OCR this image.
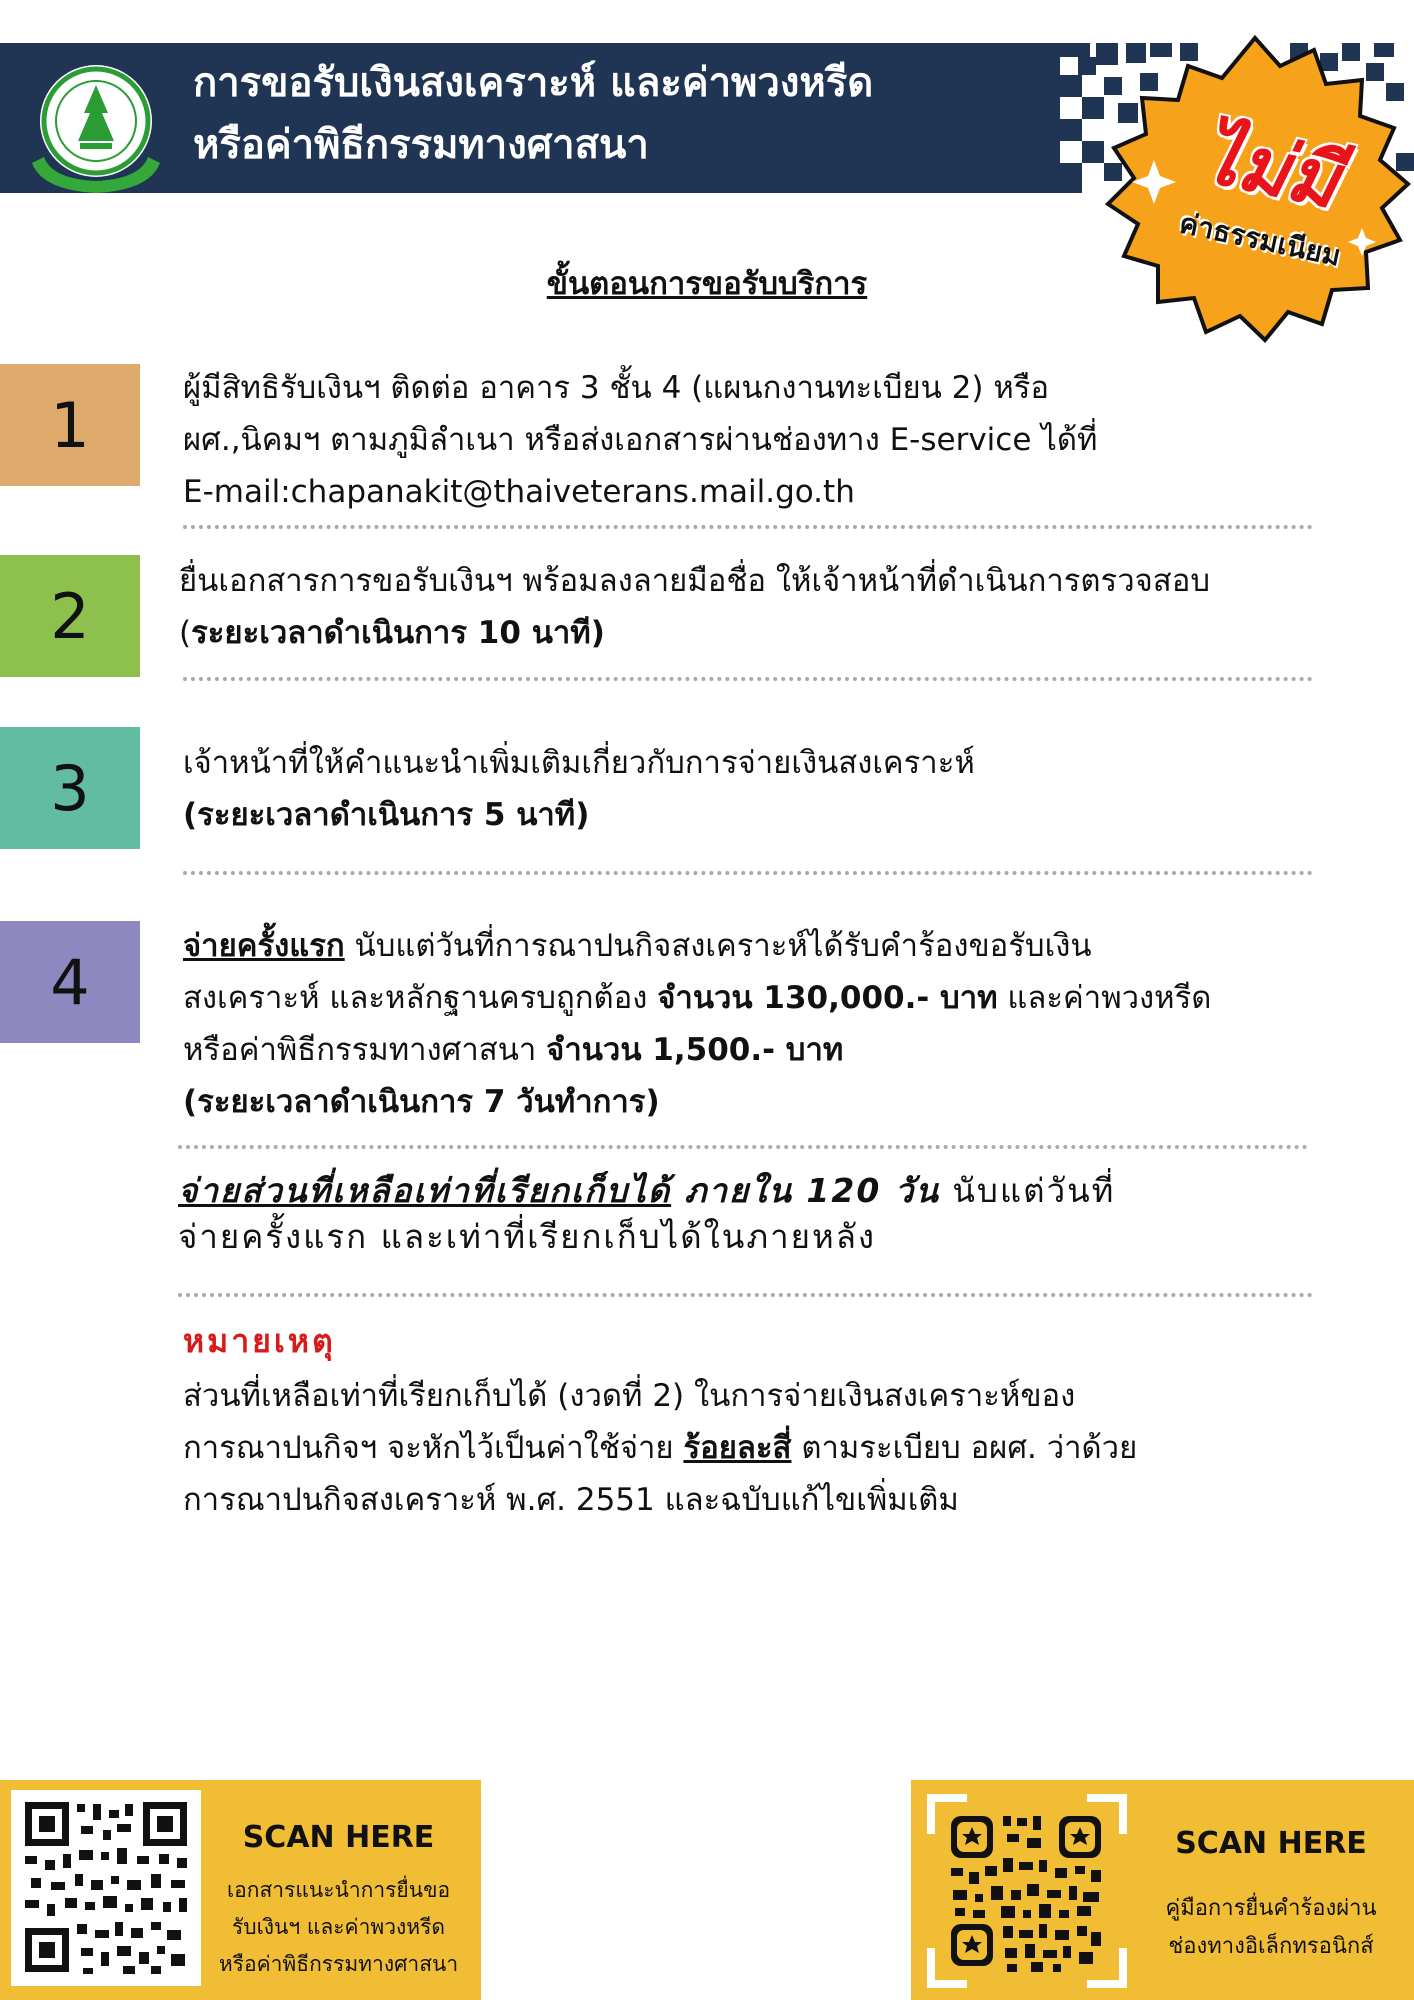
การขอรับเงินสงเคราะห์ และค่าพวงหรีด
หรือค่าพิธีกรรมทางศาสนา	ไม่มี
ค่าธรรมเนียม
ขั้นตอนการขอรับบริการ
1
ผู้มีสิทธิรับเงินฯ ติดต่อ อาคาร 3 ชั้น 4 (แผนกงานทะเบียน 2) หรือ
ผศ.,นิคมฯ ตามภูมิลำเนา หรือส่งเอกสารผ่านช่องทาง E-service ได้ที่
E-mail:chapanakit@thaiveterans.mail.go.th
2	ยื่นเอกสารการขอรับเงินฯ พร้อมลงลายมือชื่อ ให้เจ้าหน้าที่ดำเนินการตรวจสอบ
(ระยะเวลาดำเนินการ 10 นาที)
3	เจ้าหน้าที่ให้คำแนะนำเพิ่มเติมเกี่ยวกับการจ่ายเงินสงเคราะห์
(ระยะเวลาดำเนินการ 5 นาที)
4	จ่ายครั้งแรก นับแต่วันที่การณาปนกิจสงเคราะห์ได้รับคำร้องขอรับเงิน
สงเคราะห์ และหลักฐานครบถูกต้อง จำนวน 130,000.- บาท และค่าพวงหรีด
หรือค่าพิธีกรรมทางศาสนา จำนวน 1,500.- บาท
(ระยะเวลาดำเนินการ 7 วันทำการ)
จ่ายส่วนที่เหลือเท่าที่เรียกเก็บได้ ภายใน 120 วัน นับแต่วันที่
จ่ายครั้งแรก และเท่าที่เรียกเก็บได้ในภายหลัง
หมายเหตุ
ส่วนที่เหลือเท่าที่เรียกเก็บได้ (งวดที่ 2) ในการจ่ายเงินสงเคราะห์ของ
การณาปนกิจฯ จะหักไว้เป็นค่าใช้จ่าย ร้อยละสี่ ตามระเบียบ อผศ. ว่าด้วย
การณาปนกิจสงเคราะห์ พ.ศ. 2551 และฉบับแก้ไขเพิ่มเติม
SCAN HERE
เอกสารแนะนำการยื่นขอ
รับเงินฯ และค่าพวงหรีด
หรือค่าพิธีกรรมทางศาสนา
SCAN HERE
คู่มือการยื่นคำร้องผ่าน
ช่องทางอิเล็กทรอนิกส์
